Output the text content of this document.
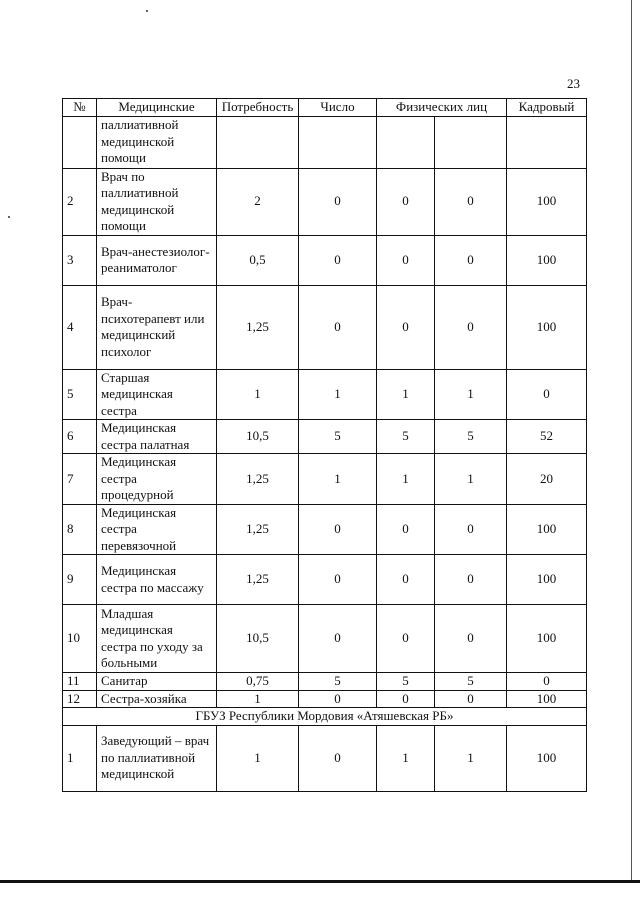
23
№	Медицинские	Потребность	Число	Физических лиц		Кадровый
	паллиативной медицинской помощи					
2	Врач по паллиативной медицинской помощи	2	0	0	0	100
3	Врач-анестезиолог-реаниматолог	0,5	0	0	0	100
4	Врач-психотерапевт или медицинский психолог	1,25	0	0	0	100
5	Старшая медицинская сестра	1	1	1	1	0
6	Медицинская сестра палатная	10,5	5	5	5	52
7	Медицинская сестра процедурной	1,25	1	1	1	20
8	Медицинская сестра перевязочной	1,25	0	0	0	100
9	Медицинская сестра по массажу	1,25	0	0	0	100
10	Младшая медицинская сестра по уходу за больными	10,5	0	0	0	100
11	Санитар	0,75	5	5	5	0
12	Сестра-хозяйка	1	0	0	0	100
ГБУЗ Республики Мордовия «Атяшевская РБ»						
1	Заведующий – врач по паллиативной медицинской	1	0	1	1	100
